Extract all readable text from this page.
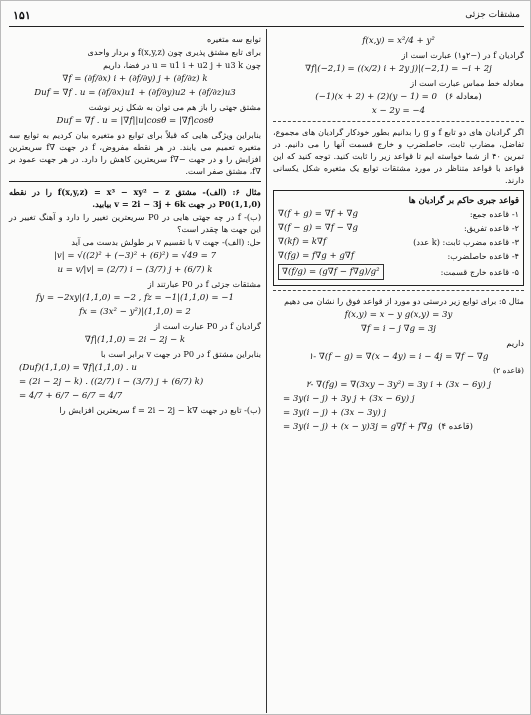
۱۵۱	مشتقات جزئی

توابع سه متغیره

برای تابع مشتق پذیری چون f(x,y,z) و بردار واحدی

چون u = u1 i + u2 j + u3 k در فضا، داریم

∇f = (∂f/∂x) i + (∂f/∂y) j + (∂f/∂z) k
Duf = ∇f . u = (∂f/∂x)u1 + (∂f/∂y)u2 + (∂f/∂z)u3

مشتق جهتی را باز هم می توان به شکل زیر نوشت

Duf = ∇f . u = |∇f||u|cosθ = |∇f|cosθ

بنابراین ویژگی هایی که قبلاً برای توابع دو متغیره بیان کردیم به توابع سه متغیره تعمیم می یابند. در هر نقطه مفروض، f در جهت ∇f سریعترین افزایش را و در جهت −∇f سریعترین کاهش را دارد. در هر جهت عمود بر ∇f، مشتق صفر است.

مثال ۶: (الف)- مشتق f(x,y,z) = x³ − xy² − z را در نقطه P0(1,1,0) در جهت v = 2i − 3j + 6k بیابید.

(ب)- f در چه جهتی هایی در P0 سریعترین تغییر را دارد و آهنگ تغییر در این جهت ها چقدر است؟

حل: (الف)- جهت v با تقسیم v بر طولش بدست می آید

|v| = √((2)² + (−3)² + (6)²) = √49 = 7
u = v/|v| = (2/7) i − (3/7) j + (6/7) k

مشتقات جزئی f در P0 عبارتند از

fy = −2xy|(1,1,0) = −2 , fz = −1|(1,1,0) = −1
fx = (3x² − y²)|(1,1,0) = 2

گرادیان f در P0 عبارت است از

∇f|(1,1,0) = 2i − 2j − k

بنابراین مشتق f در P0 در جهت v برابر است با

(Duf)(1,1,0) = ∇f|(1,1,0) . u
= (2i − 2j − k) . ((2/7) i − (3/7) j + (6/7) k)
= 4/7 + 6/7 − 6/7 = 4/7

(ب)- تابع در جهت ∇f = 2i − 2j − k سریعترین افزایش را

f(x,y) = x²/4 + y²

گرادیان f در (−۲و۱) عبارت است از

∇f|(−2,1) = ((x/2) i + 2y j)|(−2,1) = −i + 2j

معادله خط مماس عبارت است از

(−1)(x + 2) + (2)(y − 1) = 0 (معادله ۶)
x − 2y = −4

اگر گرادیان های دو تابع f و g را بدانیم بطور خودکار گرادیان های مجموع، تفاضل، مضارب ثابت، حاصلضرب و خارج قسمت آنها را می دانیم. در تمرین ۴۰ از شما خواسته ایم تا قواعد زیر را ثابت کنید. توجه کنید که این قواعد با قواعد متناظر در مورد مشتقات توابع یک متغیره شکل یکسانی دارند.

قواعد جبری حاکم بر گرادیان ها
۱- قاعده جمع:
∇(f + g) = ∇f + ∇g
۲- قاعده تفریق:
∇(f − g) = ∇f − ∇g
۳- قاعده مضرب ثابت: (k عدد)
∇(kf) = k∇f
۴- قاعده حاصلضرب:
∇(fg) = f∇g + g∇f
۵- قاعده خارج قسمت:
∇(f/g) = (g∇f − f∇g)/g²

مثال ۵: برای توابع زیر درستی دو مورد از قواعد فوق را نشان می دهیم

f(x,y) = x − y g(x,y) = 3y
∇f = i − j ∇g = 3j

داریم

۱- ∇(f − g) = ∇(x − 4y) = i − 4j = ∇f − ∇g

(قاعده ۲)

۲- ∇(fg) = ∇(3xy − 3y²) = 3y i + (3x − 6y) j
= 3y(i − j) + 3y j + (3x − 6y) j
= 3y(i − j) + (3x − 3y) j
= 3y(i − j) + (x − y)3j = g∇f + f∇g (قاعده ۴)
